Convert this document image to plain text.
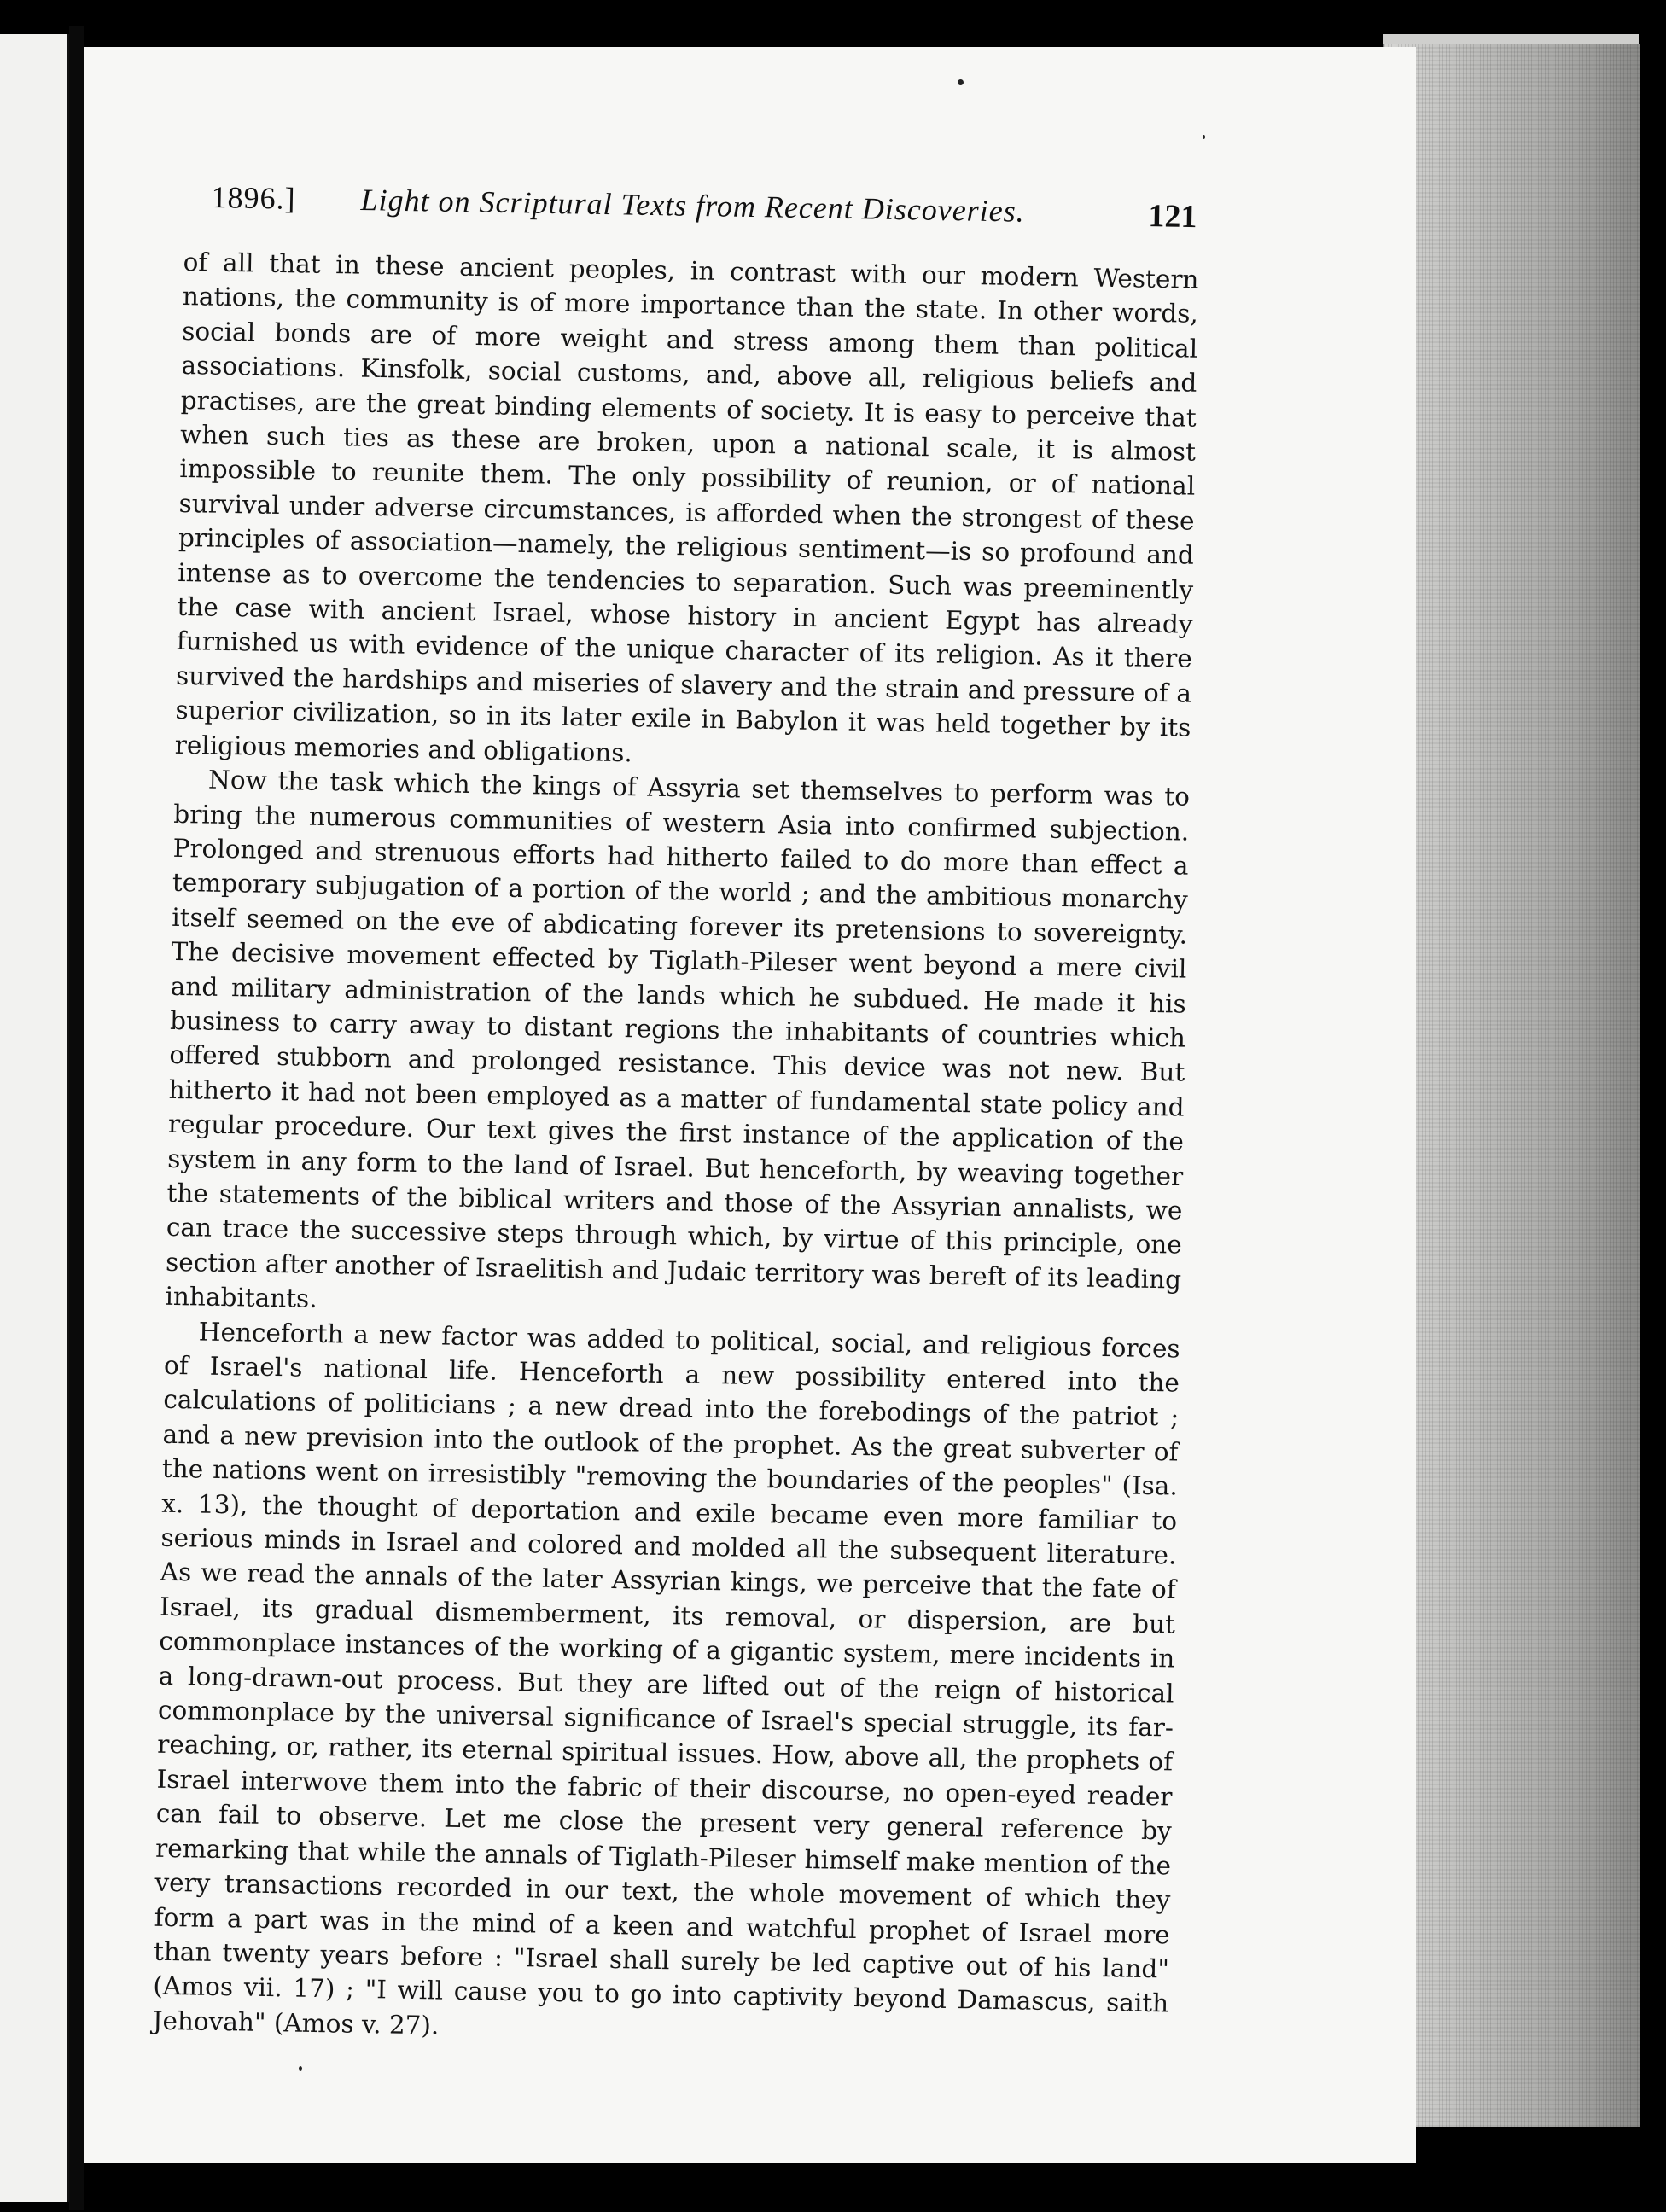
1896.] Light on Scriptural Texts from Recent Discoveries.	121

of all that in these ancient peoples, in contrast with our modern Western nations, the community is of more importance than the state. In other words, social bonds are of more weight and stress among them than political associations. Kinsfolk, social customs, and, above all, religious beliefs and practises, are the great binding elements of society. It is easy to perceive that when such ties as these are broken, upon a national scale, it is almost impossible to reunite them. The only possibility of reunion, or of national survival under adverse circumstances, is afforded when the strongest of these principles of association—namely, the religious sentiment—is so profound and intense as to overcome the tendencies to separation. Such was preeminently the case with ancient Israel, whose history in ancient Egypt has already furnished us with evidence of the unique character of its religion. As it there survived the hardships and miseries of slavery and the strain and pressure of a superior civilization, so in its later exile in Babylon it was held together by its religious memories and obligations.

Now the task which the kings of Assyria set themselves to perform was to bring the numerous communities of western Asia into confirmed subjection. Prolonged and strenuous efforts had hitherto failed to do more than effect a temporary subjugation of a portion of the world ; and the ambitious monarchy itself seemed on the eve of abdicating forever its pretensions to sovereignty. The decisive movement effected by Tiglath-Pileser went beyond a mere civil and military administration of the lands which he subdued. He made it his business to carry away to distant regions the inhabitants of countries which offered stubborn and prolonged resistance. This device was not new. But hitherto it had not been employed as a matter of fundamental state policy and regular procedure. Our text gives the first instance of the application of the system in any form to the land of Israel. But henceforth, by weaving together the statements of the biblical writers and those of the Assyrian annalists, we can trace the successive steps through which, by virtue of this principle, one section after another of Israelitish and Judaic territory was bereft of its leading inhabitants.

Henceforth a new factor was added to political, social, and religious forces of Israel's national life. Henceforth a new possibility entered into the calculations of politicians ; a new dread into the forebodings of the patriot ; and a new prevision into the outlook of the prophet. As the great subverter of the nations went on irresistibly "removing the boundaries of the peoples" (Isa. x. 13), the thought of deportation and exile became even more familiar to serious minds in Israel and colored and molded all the subsequent literature. As we read the annals of the later Assyrian kings, we perceive that the fate of Israel, its gradual dismemberment, its removal, or dispersion, are but commonplace instances of the working of a gigantic system, mere incidents in a long-drawn-out process. But they are lifted out of the reign of historical commonplace by the universal significance of Israel's special struggle, its far-reaching, or, rather, its eternal spiritual issues. How, above all, the prophets of Israel interwove them into the fabric of their discourse, no open-eyed reader can fail to observe. Let me close the present very general reference by remarking that while the annals of Tiglath-Pileser himself make mention of the very transactions recorded in our text, the whole movement of which they form a part was in the mind of a keen and watchful prophet of Israel more than twenty years before : "Israel shall surely be led captive out of his land" (Amos vii. 17) ; "I will cause you to go into captivity beyond Damascus, saith Jehovah" (Amos v. 27).
